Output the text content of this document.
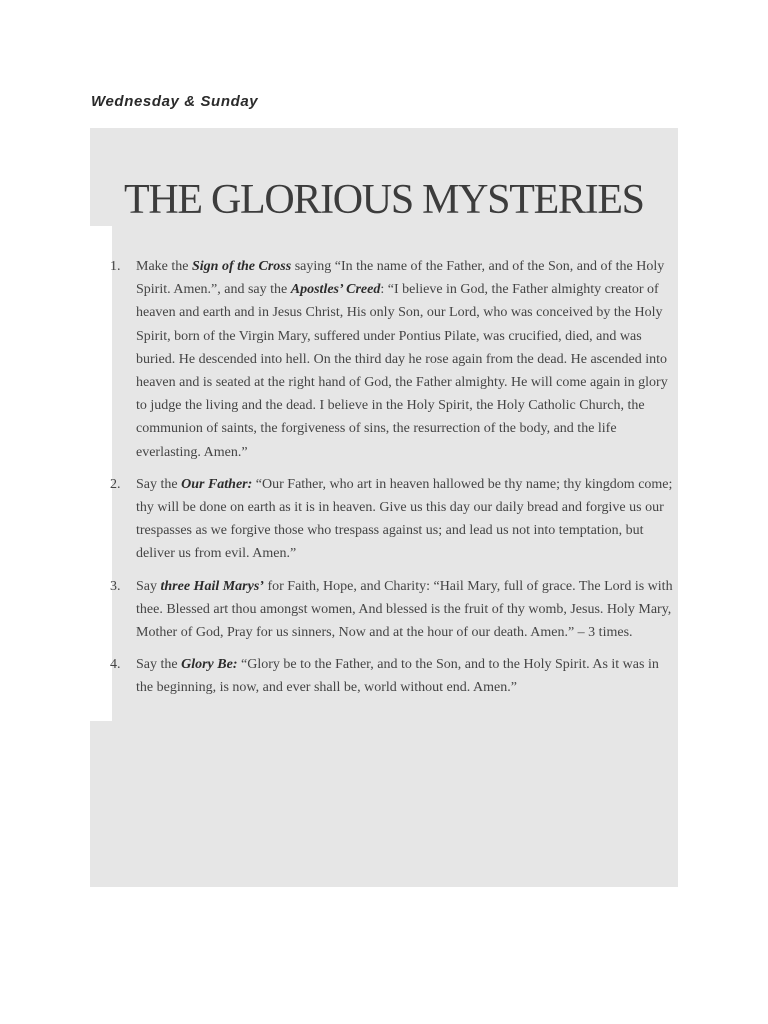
Wednesday & Sunday
THE GLORIOUS MYSTERIES
1. Make the Sign of the Cross saying “In the name of the Father, and of the Son, and of the Holy Spirit. Amen.”, and say the Apostles’ Creed: “I believe in God, the Father almighty creator of heaven and earth and in Jesus Christ, His only Son, our Lord, who was conceived by the Holy Spirit, born of the Virgin Mary, suffered under Pontius Pilate, was crucified, died, and was buried. He descended into hell. On the third day he rose again from the dead. He ascended into heaven and is seated at the right hand of God, the Father almighty. He will come again in glory to judge the living and the dead. I believe in the Holy Spirit, the Holy Catholic Church, the communion of saints, the forgiveness of sins, the resurrection of the body, and the life everlasting. Amen.”
2. Say the Our Father: “Our Father, who art in heaven hallowed be thy name; thy kingdom come; thy will be done on earth as it is in heaven. Give us this day our daily bread and forgive us our trespasses as we forgive those who trespass against us; and lead us not into temptation, but deliver us from evil. Amen.”
3. Say three Hail Marys’ for Faith, Hope, and Charity: “Hail Mary, full of grace. The Lord is with thee. Blessed art thou amongst women, And blessed is the fruit of thy womb, Jesus. Holy Mary, Mother of God, Pray for us sinners, Now and at the hour of our death. Amen.” – 3 times.
4. Say the Glory Be: “Glory be to the Father, and to the Son, and to the Holy Spirit. As it was in the beginning, is now, and ever shall be, world without end. Amen.”
